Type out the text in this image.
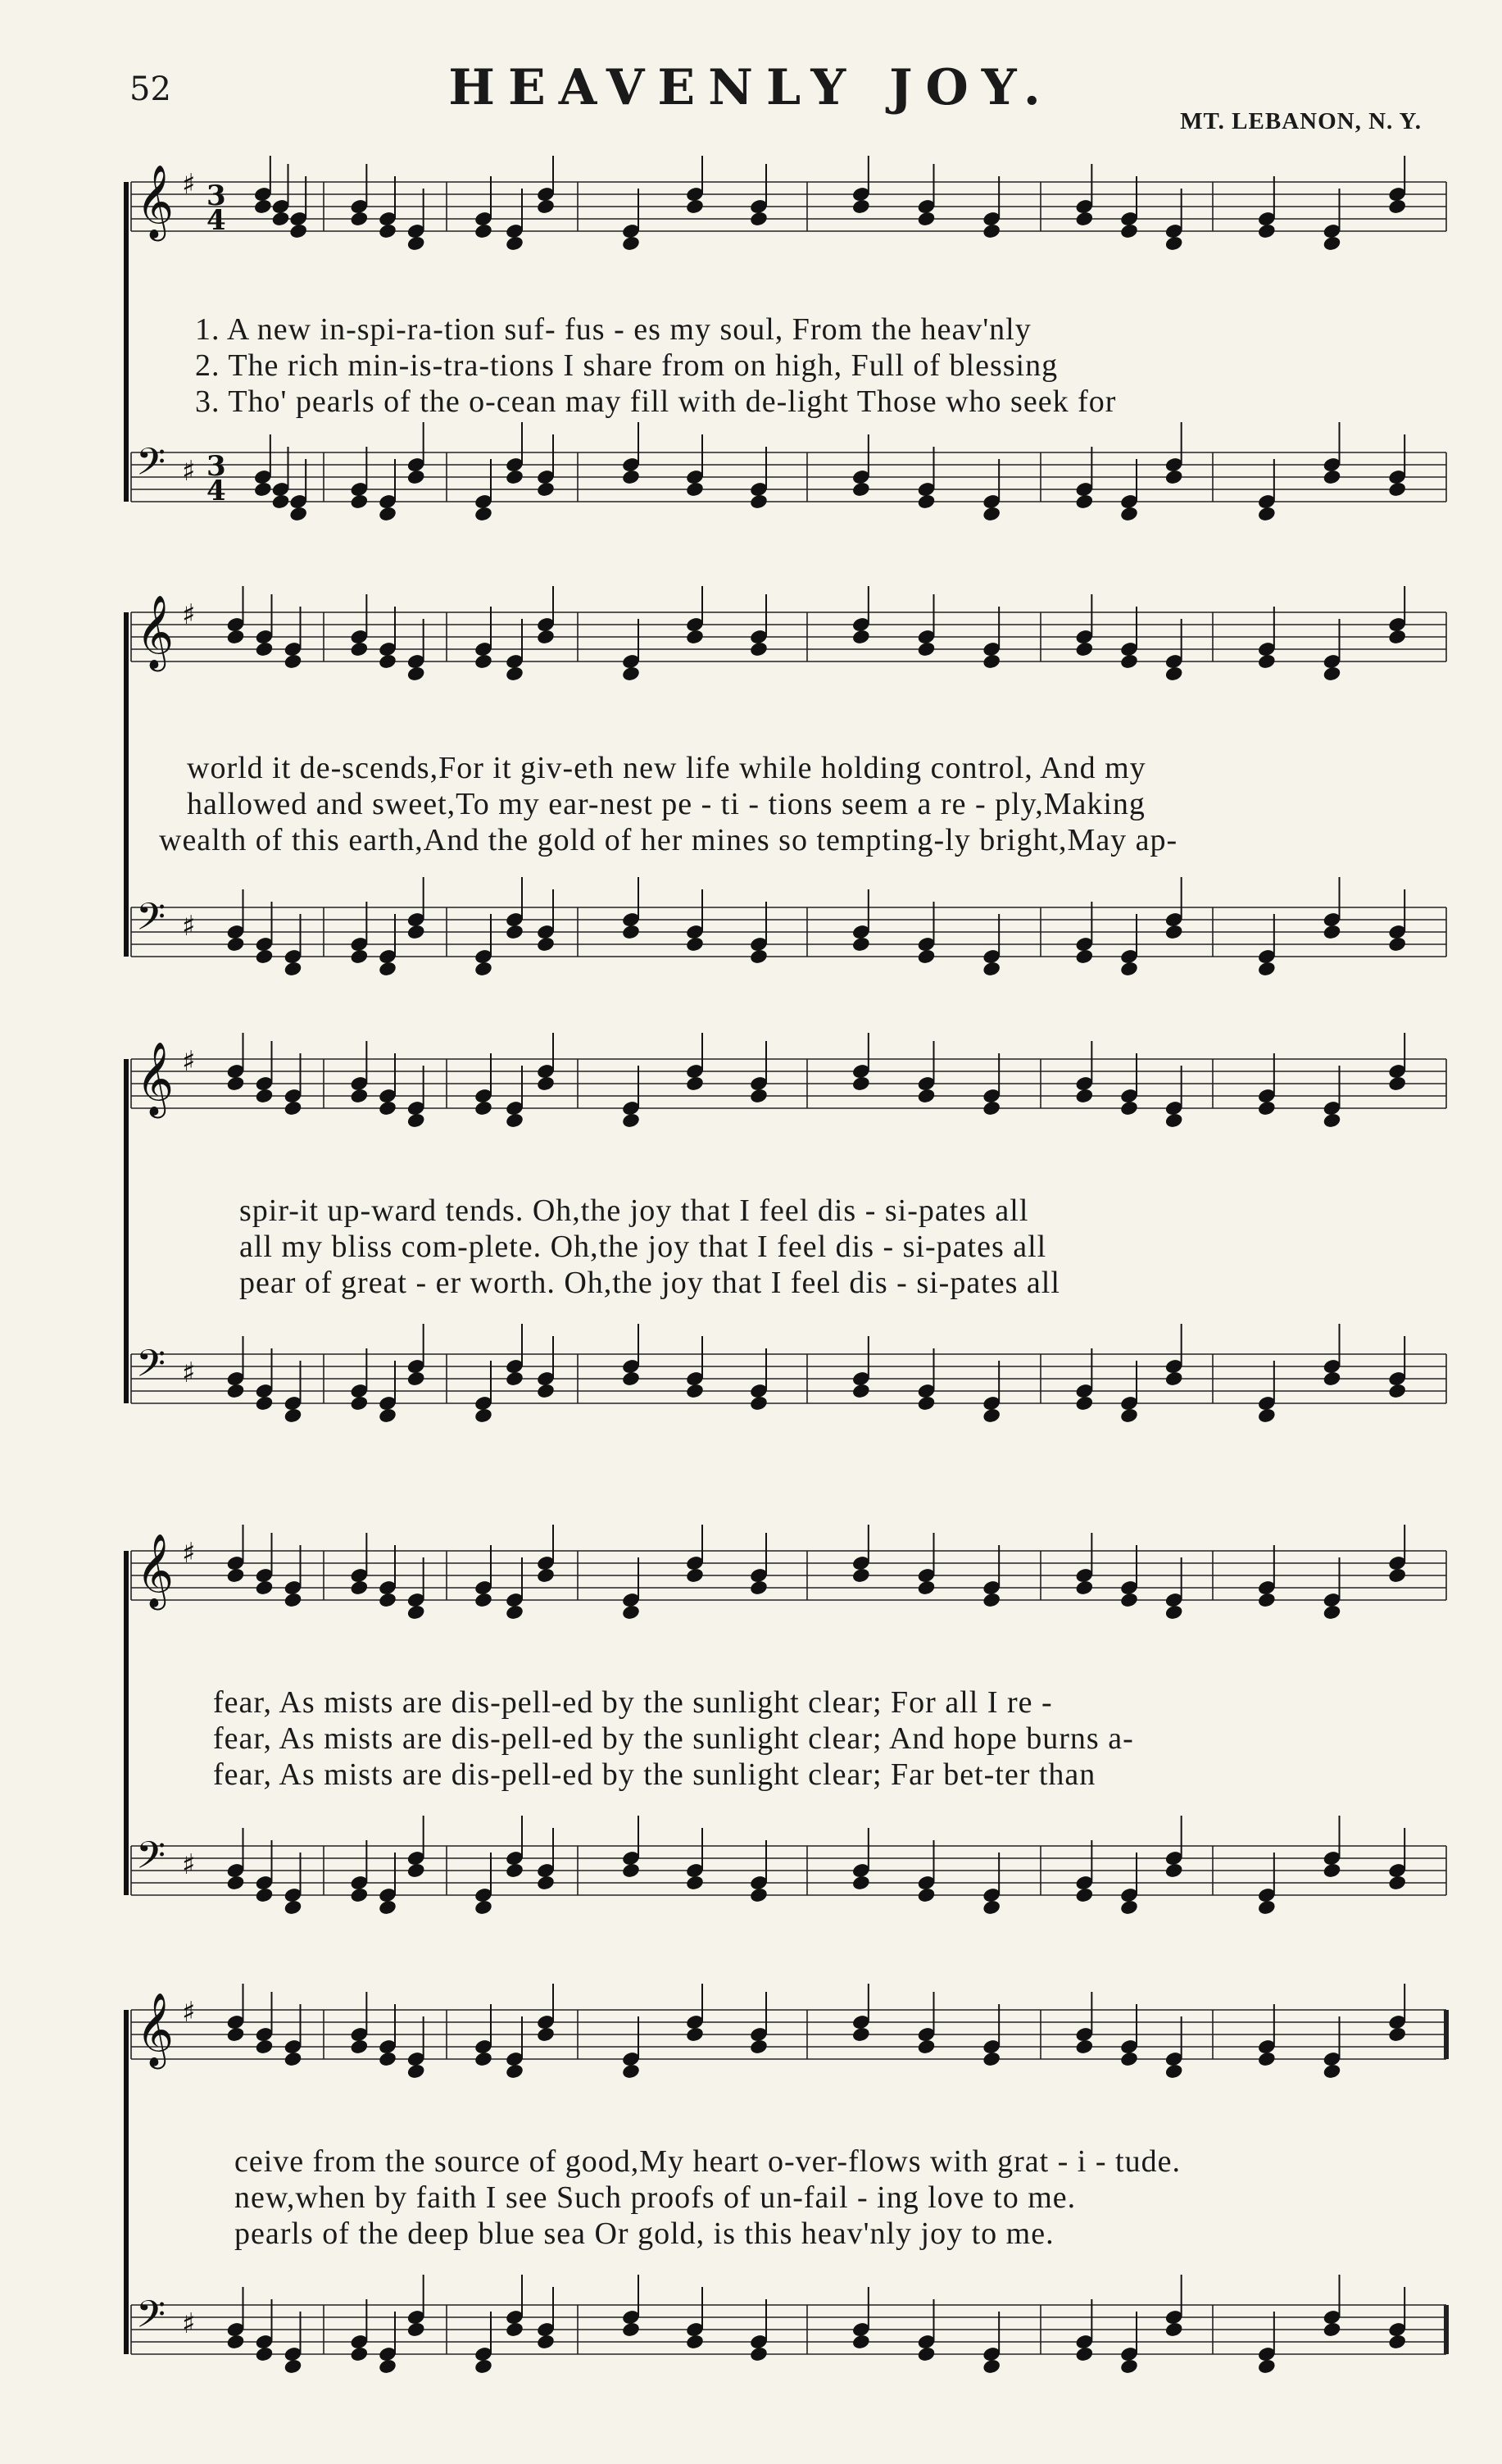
52	HEAVENLY JOY.
MT. LEBANON, N. Y.
𝄞 ♯ 3
4
𝄢 ♯ 3
4
1. A new in-spi-ra-tion suf- fus - es my soul, From the heav'nly
2. The rich min-is-tra-tions I share from on high, Full of blessing
3. Tho' pearls of the o-cean may fill with de-light Those who seek for
𝄞 ♯
𝄢 ♯
world it de-scends,For it giv-eth new life while holding control, And my
hallowed and sweet,To my ear-nest pe - ti - tions seem a re - ply,Making
wealth of this earth,And the gold of her mines so tempting-ly bright,May ap-
𝄞 ♯
𝄢 ♯
spir-it up-ward tends. Oh,the joy that I feel dis - si-pates all
all my bliss com-plete. Oh,the joy that I feel dis - si-pates all
pear of great - er worth. Oh,the joy that I feel dis - si-pates all
𝄞 ♯
𝄢 ♯
fear, As mists are dis-pell-ed by the sunlight clear; For all I re -
fear, As mists are dis-pell-ed by the sunlight clear; And hope burns a-
fear, As mists are dis-pell-ed by the sunlight clear; Far bet-ter than
𝄞 ♯
𝄢 ♯
ceive from the source of good,My heart o-ver-flows with grat - i - tude.
new,when by faith I see Such proofs of un-fail - ing love to me.
pearls of the deep blue sea Or gold, is this heav'nly joy to me.
